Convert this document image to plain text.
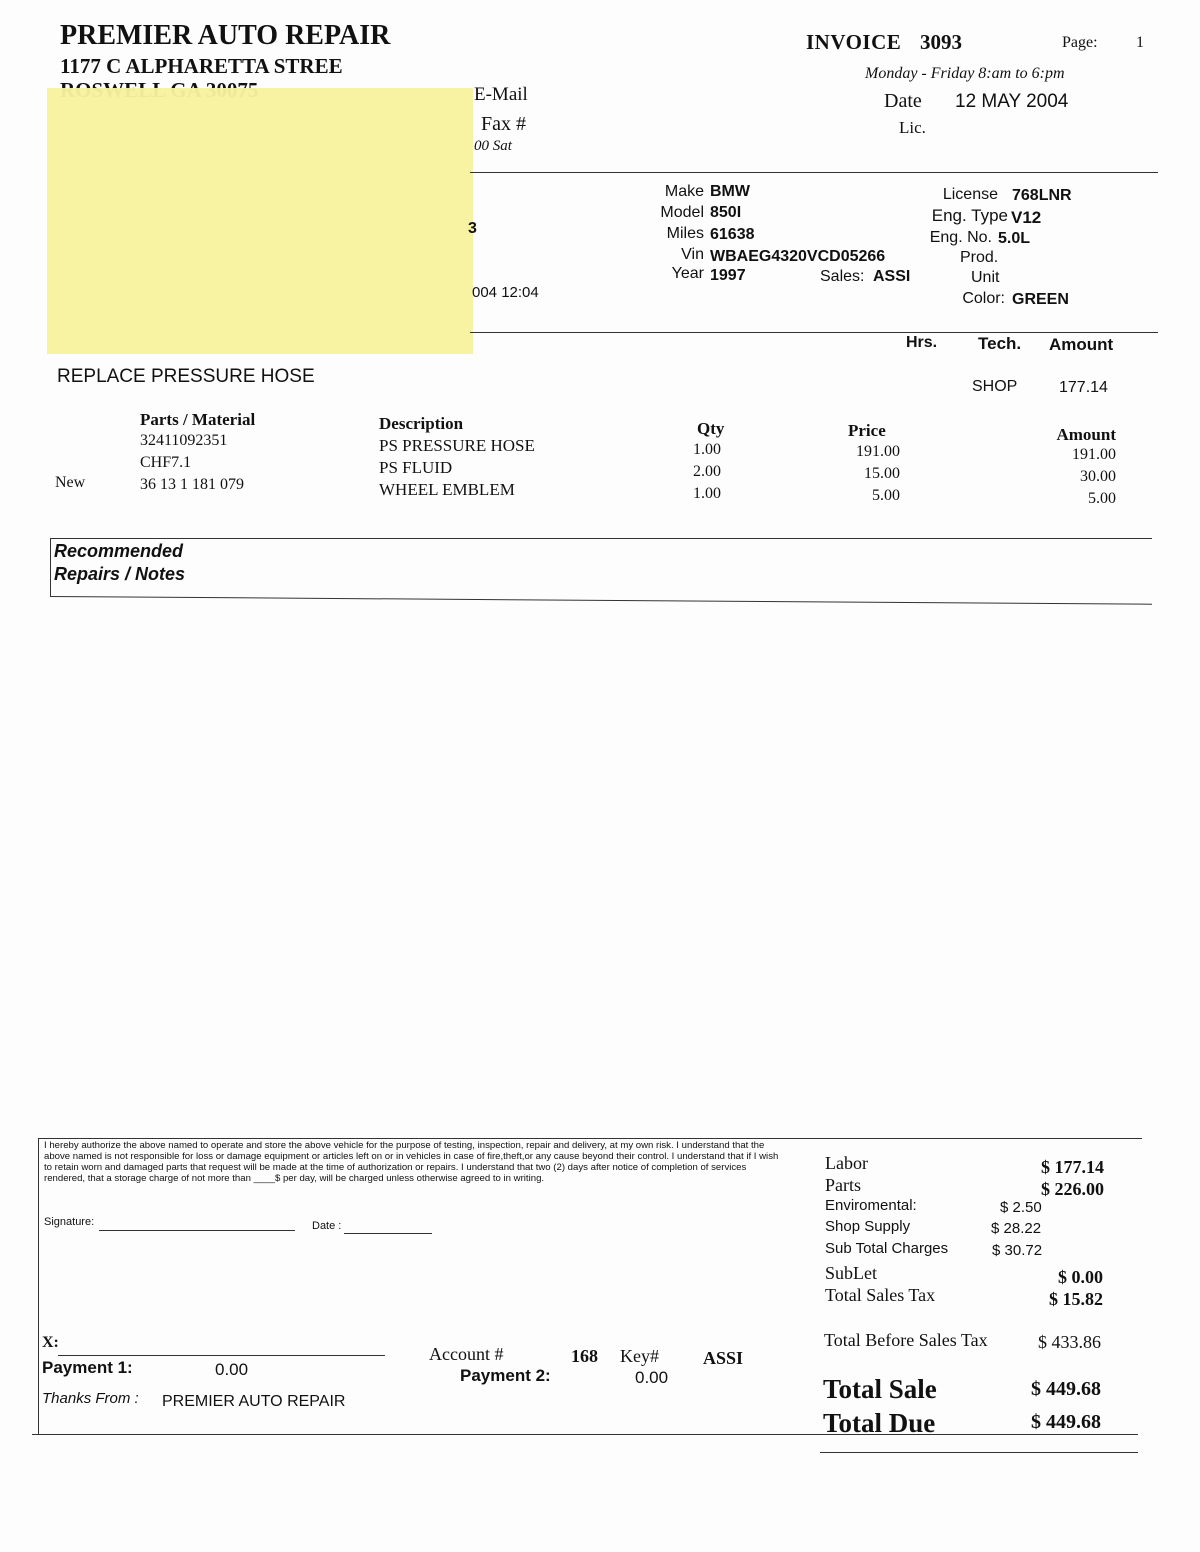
PREMIER AUTO REPAIR
1177 C ALPHARETTA STREE
E-Mail
Fax #
00 Sat
3
004 12:04
INVOICE 3093	Page: 1
Monday - Friday 8:am to 6:pm
Date 12 MAY 2004
Lic.
Make BMW
Model 850I
Miles 61638
Vin WBAEG4320VCD05266
Year 1997	Sales: ASSI
License 768LNR
Eng. Type V12
Eng. No. 5.0L
Prod.
Unit
Color: GREEN
Hrs. Tech. Amount
REPLACE PRESSURE HOSE	SHOP	177.14
Parts / Material	Description	Qty	Price	Amount
32411092351	PS PRESSURE HOSE	1.00	191.00	191.00
CHF7.1	PS FLUID	2.00	15.00	30.00
New	36 13 1 181 079	WHEEL EMBLEM	1.00	5.00	5.00
Recommended
Repairs / Notes
I hereby authorize the above named to operate and store the above vehicle for the purpose of testing, inspection, repair and delivery, at my own risk. I understand that the above named is not responsible for loss or damage equipment or articles left on or in vehicles in case of fire,theft,or any cause beyond their control. I understand that if I wish to retain worn and damaged parts that request will be made at the time of authorization or repairs. I understand that two (2) days after notice of completion of services rendered, that a storage charge of not more than ____$ per day, will be charged unless otherwise agreed to in writing.
Signature:	Date :
X:
Payment 1:	0.00
Account #	168 Key# ASSI
Payment 2:	0.00
Thanks From : PREMIER AUTO REPAIR
Labor	$ 177.14
Parts	$ 226.00
Enviromental:	$ 2.50
Shop Supply	$ 28.22
Sub Total Charges	$ 30.72
SubLet	$ 0.00
Total Sales Tax	$ 15.82
Total Before Sales Tax	$ 433.86
Total Sale	$ 449.68
Total Due	$ 449.68
